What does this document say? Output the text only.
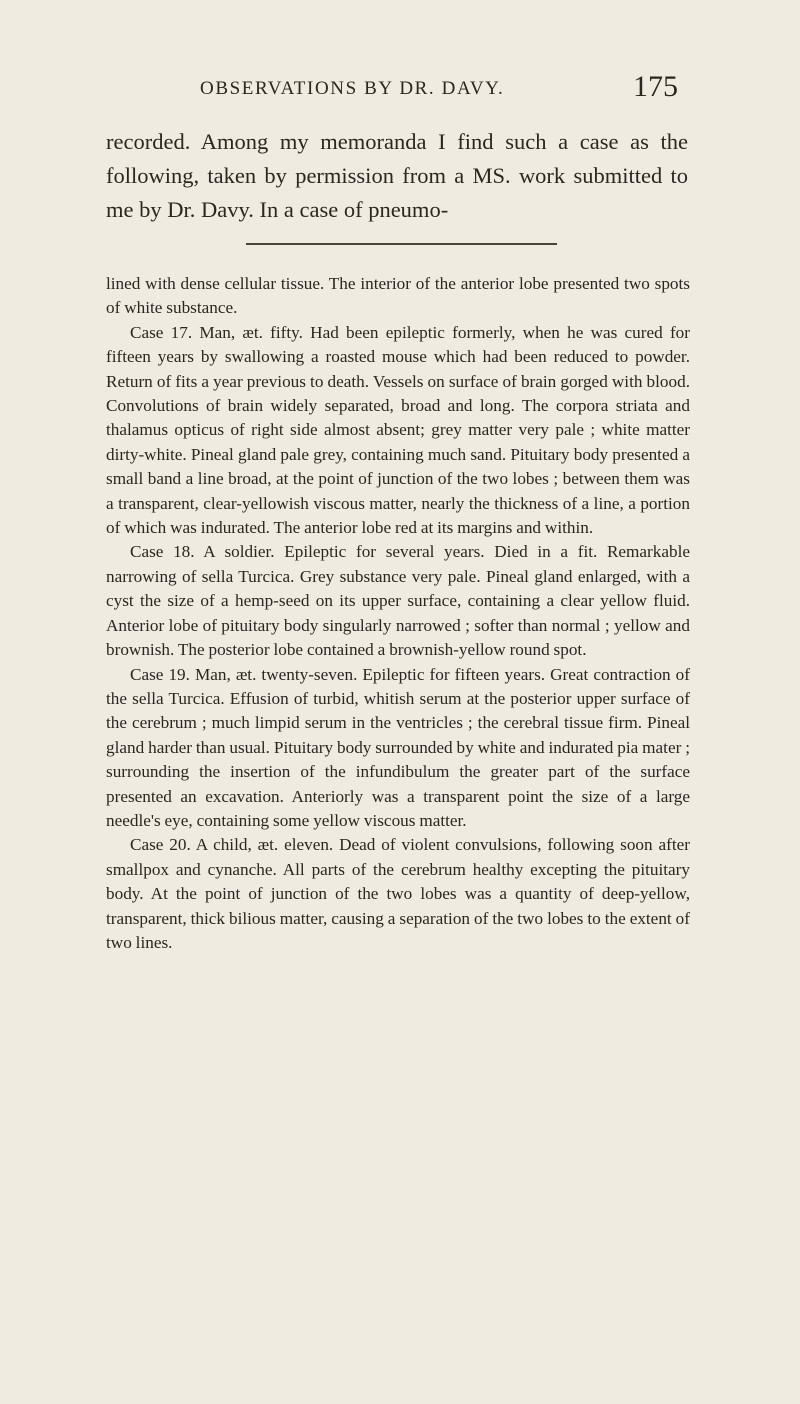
OBSERVATIONS BY DR. DAVY.	175

recorded. Among my memoranda I find such a case as the following, taken by permission from a MS. work submitted to me by Dr. Davy. In a case of pneumo-

lined with dense cellular tissue. The interior of the anterior lobe presented two spots of white substance.

Case 17. Man, æt. fifty. Had been epileptic formerly, when he was cured for fifteen years by swallowing a roasted mouse which had been reduced to powder. Return of fits a year previous to death. Vessels on surface of brain gorged with blood. Convolutions of brain widely separated, broad and long. The corpora striata and thalamus opticus of right side almost absent; grey matter very pale ; white matter dirty-white. Pineal gland pale grey, containing much sand. Pituitary body presented a small band a line broad, at the point of junction of the two lobes ; between them was a transparent, clear-yellowish viscous matter, nearly the thickness of a line, a portion of which was indurated. The anterior lobe red at its margins and within.

Case 18. A soldier. Epileptic for several years. Died in a fit. Remarkable narrowing of sella Turcica. Grey substance very pale. Pineal gland enlarged, with a cyst the size of a hemp-seed on its upper surface, containing a clear yellow fluid. Anterior lobe of pituitary body singularly narrowed ; softer than normal ; yellow and brownish. The posterior lobe contained a brownish-yellow round spot.

Case 19. Man, æt. twenty-seven. Epileptic for fifteen years. Great contraction of the sella Turcica. Effusion of turbid, whitish serum at the posterior upper surface of the cerebrum ; much limpid serum in the ventricles ; the cerebral tissue firm. Pineal gland harder than usual. Pituitary body surrounded by white and indurated pia mater ; surrounding the insertion of the infundibulum the greater part of the surface presented an excavation. Anteriorly was a transparent point the size of a large needle's eye, containing some yellow viscous matter.

Case 20. A child, æt. eleven. Dead of violent convulsions, following soon after smallpox and cynanche. All parts of the cerebrum healthy excepting the pituitary body. At the point of junction of the two lobes was a quantity of deep-yellow, transparent, thick bilious matter, causing a separation of the two lobes to the extent of two lines.
